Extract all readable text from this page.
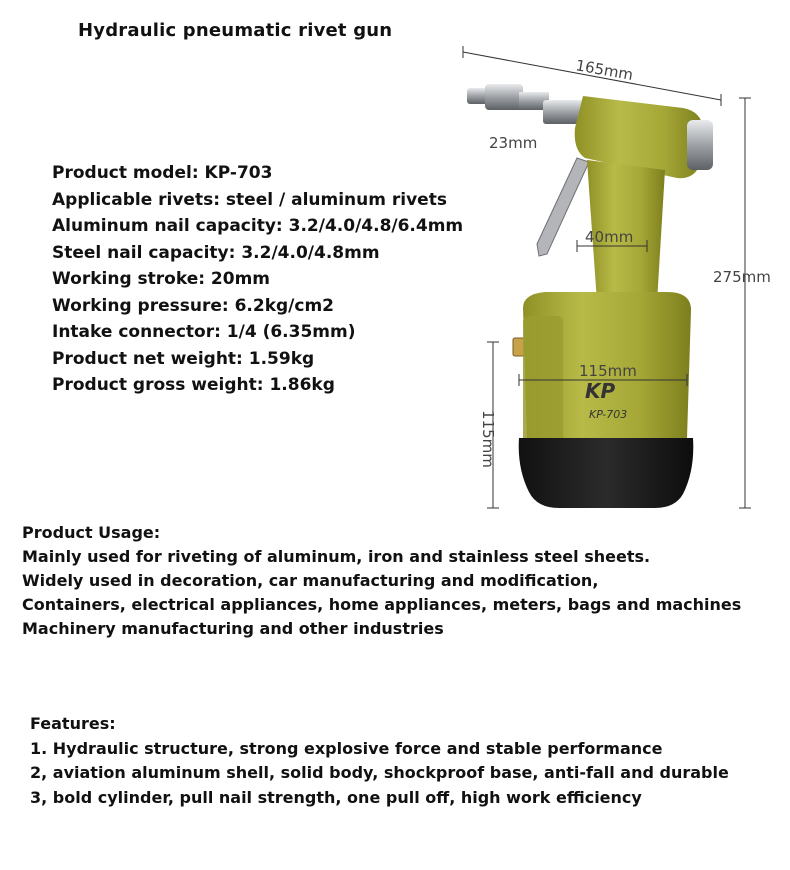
Hydraulic pneumatic rivet gun
Product model: KP-703
Applicable rivets: steel / aluminum rivets
Aluminum nail capacity: 3.2/4.0/4.8/6.4mm
Steel nail capacity: 3.2/4.0/4.8mm
Working stroke: 20mm
Working pressure: 6.2kg/cm2
Intake connector: 1/4 (6.35mm)
Product net weight: 1.59kg
Product gross weight: 1.86kg	KP
KP-703
165mm
23mm
40mm
275mm
115mm
115mm
Product Usage:
Mainly used for riveting of aluminum, iron and stainless steel sheets.
Widely used in decoration, car manufacturing and modification,
Containers, electrical appliances, home appliances, meters, bags and machines
Machinery manufacturing and other industries
Features:
1. Hydraulic structure, strong explosive force and stable performance
2, aviation aluminum shell, solid body, shockproof base, anti-fall and durable
3, bold cylinder, pull nail strength, one pull off, high work efficiency
